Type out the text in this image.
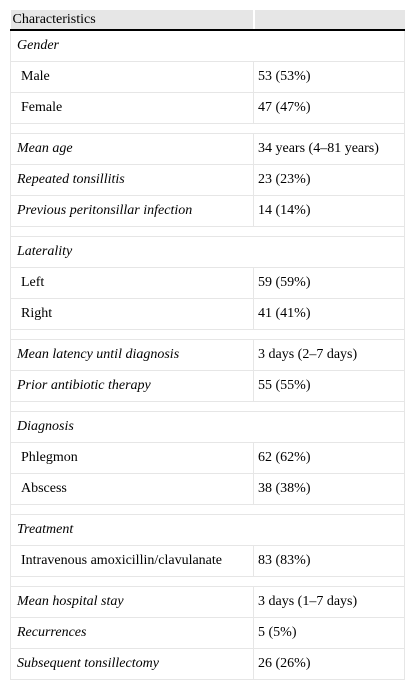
Characteristics	
Gender	
Male	53 (53%)
Female	47 (47%)

Mean age	34 years (4–81 years)
Repeated tonsillitis	23 (23%)
Previous peritonsillar infection	14 (14%)

Laterality	
Left	59 (59%)
Right	41 (41%)

Mean latency until diagnosis	3 days (2–7 days)
Prior antibiotic therapy	55 (55%)

Diagnosis	
Phlegmon	62 (62%)
Abscess	38 (38%)

Treatment	
Intravenous amoxicillin/clavulanate	83 (83%)

Mean hospital stay	3 days (1–7 days)
Recurrences	5 (5%)
Subsequent tonsillectomy	26 (26%)
